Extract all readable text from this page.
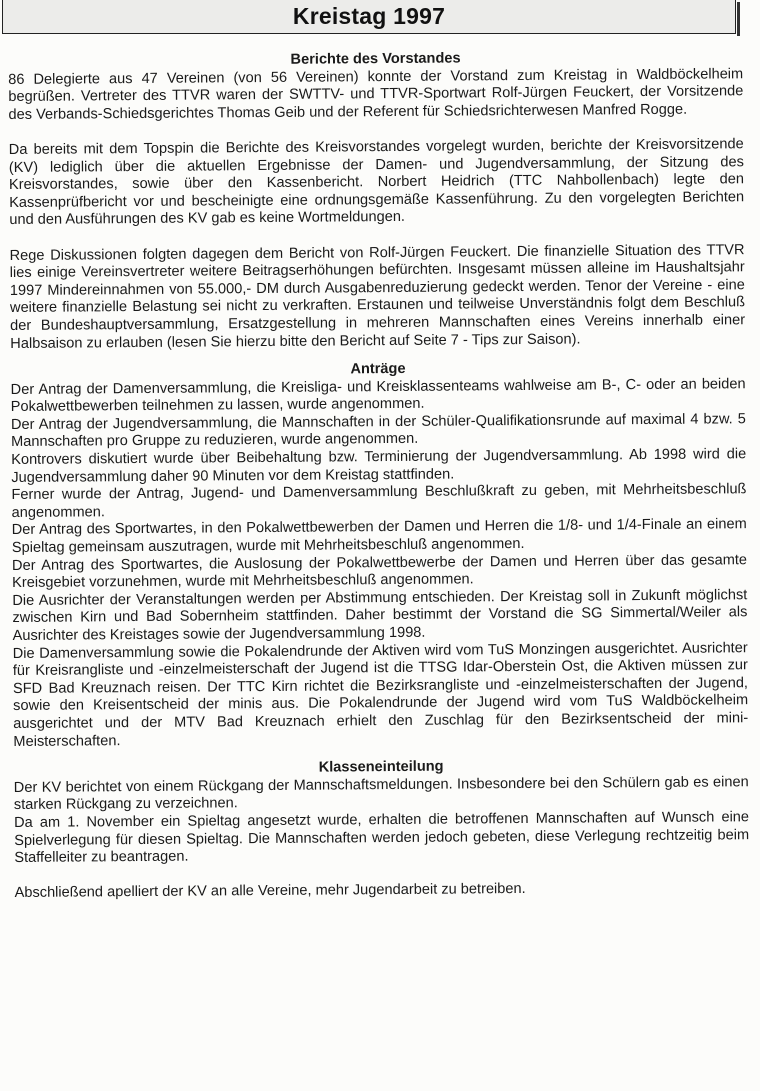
Kreistag 1997
Berichte des Vorstandes

86 Delegierte aus 47 Vereinen (von 56 Vereinen) konnte der Vorstand zum Kreistag in Waldböckelheim begrüßen. Vertreter des TTVR waren der SWTTV- und TTVR-Sportwart Rolf-Jürgen Feuckert, der Vorsitzende des Verbands-Schiedsgerichtes Thomas Geib und der Referent für Schiedsrichterwesen Manfred Rogge.

Da bereits mit dem Topspin die Berichte des Kreisvorstandes vorgelegt wurden, berichte der Kreisvorsitzende (KV) lediglich über die aktuellen Ergebnisse der Damen- und Jugendversammlung, der Sitzung des Kreisvorstandes, sowie über den Kassenbericht. Norbert Heidrich (TTC Nahbollenbach) legte den Kassenprüfbericht vor und bescheinigte eine ordnungsgemäße Kassenführung. Zu den vorgelegten Berichten und den Ausführungen des KV gab es keine Wortmeldungen.

Rege Diskussionen folgten dagegen dem Bericht von Rolf-Jürgen Feuckert. Die finanzielle Situation des TTVR lies einige Vereinsvertreter weitere Beitragserhöhungen befürchten. Insgesamt müssen alleine im Haushaltsjahr 1997 Mindereinnahmen von 55.000,- DM durch Ausgabenreduzierung gedeckt werden. Tenor der Vereine - eine weitere finanzielle Belastung sei nicht zu verkraften. Erstaunen und teilweise Unverständnis folgt dem Beschluß der Bundeshauptversammlung, Ersatzgestellung in mehreren Mannschaften eines Vereins innerhalb einer Halbsaison zu erlauben (lesen Sie hierzu bitte den Bericht auf Seite 7 - Tips zur Saison).

Anträge

Der Antrag der Damenversammlung, die Kreisliga- und Kreisklassenteams wahlweise am B-, C- oder an beiden Pokalwettbewerben teilnehmen zu lassen, wurde angenommen.

Der Antrag der Jugendversammlung, die Mannschaften in der Schüler-Qualifikationsrunde auf maximal 4 bzw. 5 Mannschaften pro Gruppe zu reduzieren, wurde angenommen.

Kontrovers diskutiert wurde über Beibehaltung bzw. Terminierung der Jugendversammlung. Ab 1998 wird die Jugendversammlung daher 90 Minuten vor dem Kreistag stattfinden.

Ferner wurde der Antrag, Jugend- und Damenversammlung Beschlußkraft zu geben, mit Mehrheitsbeschluß angenommen.

Der Antrag des Sportwartes, in den Pokalwettbewerben der Damen und Herren die 1/8- und 1/4-Finale an einem Spieltag gemeinsam auszutragen, wurde mit Mehrheitsbeschluß angenommen.

Der Antrag des Sportwartes, die Auslosung der Pokalwettbewerbe der Damen und Herren über das gesamte Kreisgebiet vorzunehmen, wurde mit Mehrheitsbeschluß angenommen.

Die Ausrichter der Veranstaltungen werden per Abstimmung entschieden. Der Kreistag soll in Zukunft möglichst zwischen Kirn und Bad Sobernheim stattfinden. Daher bestimmt der Vorstand die SG Simmertal/Weiler als Ausrichter des Kreistages sowie der Jugendversammlung 1998.

Die Damenversammlung sowie die Pokalendrunde der Aktiven wird vom TuS Monzingen ausgerichtet. Ausrichter für Kreisrangliste und -einzelmeisterschaft der Jugend ist die TTSG Idar-Oberstein Ost, die Aktiven müssen zur SFD Bad Kreuznach reisen. Der TTC Kirn richtet die Bezirksrangliste und -einzelmeisterschaften der Jugend, sowie den Kreisentscheid der minis aus. Die Pokalendrunde der Jugend wird vom TuS Waldböckelheim ausgerichtet und der MTV Bad Kreuznach erhielt den Zuschlag für den Bezirksentscheid der mini-Meisterschaften.

Klasseneinteilung

Der KV berichtet von einem Rückgang der Mannschaftsmeldungen. Insbesondere bei den Schülern gab es einen starken Rückgang zu verzeichnen.

Da am 1. November ein Spieltag angesetzt wurde, erhalten die betroffenen Mannschaften auf Wunsch eine Spielverlegung für diesen Spieltag. Die Mannschaften werden jedoch gebeten, diese Verlegung rechtzeitig beim Staffelleiter zu beantragen.

Abschließend apelliert der KV an alle Vereine, mehr Jugendarbeit zu betreiben.
